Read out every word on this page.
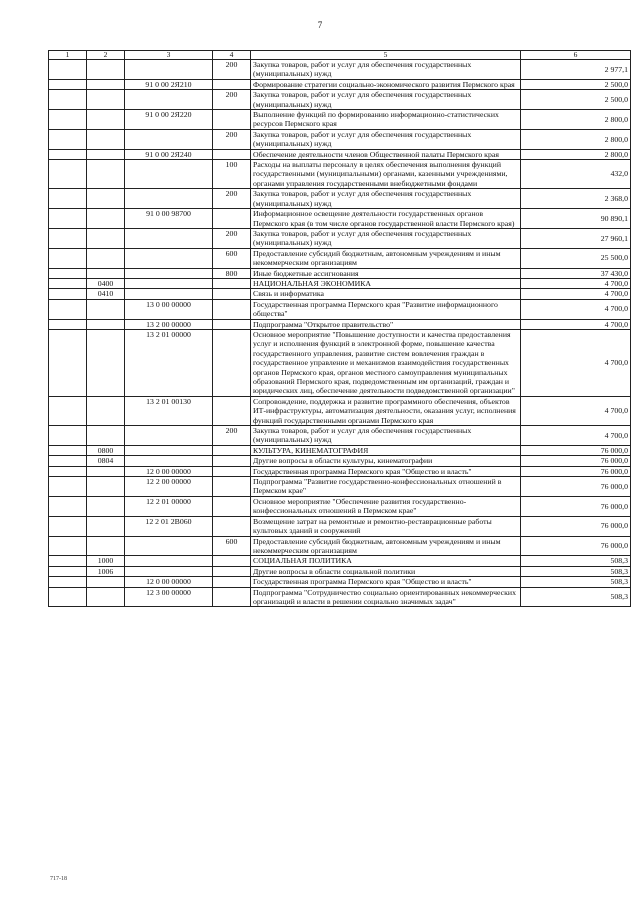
7
1	2	3	4	5	6
			200	Закупка товаров, работ и услуг для обеспечения государственных (муниципальных) нужд	2 977,1
		91 0 00 2Я210		Формирование стратегии социально-экономического развития Пермского края	2 500,0
			200	Закупка товаров, работ и услуг для обеспечения государственных (муниципальных) нужд	2 500,0
		91 0 00 2Я220		Выполнение функций по формированию информационно-статистических ресурсов Пермского края	2 800,0
			200	Закупка товаров, работ и услуг для обеспечения государственных (муниципальных) нужд	2 800,0
		91 0 00 2Я240		Обеспечение деятельности членов Общественной палаты Пермского края	2 800,0
			100	Расходы на выплаты персоналу в целях обеспечения выполнения функций государственными (муниципальными) органами, казенными учреждениями, органами управления государственными внебюджетными фондами	432,0
			200	Закупка товаров, работ и услуг для обеспечения государственных (муниципальных) нужд	2 368,0
		91 0 00 98700		Информационное освещение деятельности государственных органов Пермского края (в том числе органов государственной власти Пермского края)	90 890,1
			200	Закупка товаров, работ и услуг для обеспечения государственных (муниципальных) нужд	27 960,1
			600	Предоставление субсидий бюджетным, автономным учреждениям и иным некоммерческим организациям	25 500,0
			800	Иные бюджетные ассигнования	37 430,0
	0400			НАЦИОНАЛЬНАЯ ЭКОНОМИКА	4 700,0
	0410			Связь и информатика	4 700,0
		13 0 00 00000		Государственная программа Пермского края "Развитие информационного общества"	4 700,0
		13 2 00 00000		Подпрограмма "Открытое правительство"	4 700,0
		13 2 01 00000		Основное мероприятие "Повышение доступности и качества предоставления услуг и исполнения функций в электронной форме, повышение качества государственного управления, развитие систем вовлечения граждан в государственное управление и механизмов взаимодействия государственных органов Пермского края, органов местного самоуправления муниципальных образований Пермского края, подведомственным им организаций, граждан и юридических лиц, обеспечение деятельности подведомственной организации"	4 700,0
		13 2 01 00130		Сопровождение, поддержка и развитие программного обеспечения, объектов ИТ-инфраструктуры, автоматизация деятельности, оказания услуг, исполнения функций государственными органами Пермского края	4 700,0
			200	Закупка товаров, работ и услуг для обеспечения государственных (муниципальных) нужд	4 700,0
	0800			КУЛЬТУРА, КИНЕМАТОГРАФИЯ	76 000,0
	0804			Другие вопросы в области культуры, кинематографии	76 000,0
		12 0 00 00000		Государственная программа Пермского края "Общество и власть"	76 000,0
		12 2 00 00000		Подпрограмма "Развитие государственно-конфессиональных отношений в Пермском крае"	76 000,0
		12 2 01 00000		Основное мероприятие "Обеспечение развития государственно-конфессиональных отношений в Пермском крае"	76 000,0
		12 2 01 2В060		Возмещение затрат на ремонтные и ремонтно-реставрационные работы культовых зданий и сооружений	76 000,0
			600	Предоставление субсидий бюджетным, автономным учреждениям и иным некоммерческим организациям	76 000,0
	1000			СОЦИАЛЬНАЯ ПОЛИТИКА	508,3
	1006			Другие вопросы в области социальной политики	508,3
		12 0 00 00000		Государственная программа Пермского края "Общество и власть"	508,3
		12 3 00 00000		Подпрограмма "Сотрудничество социально ориентированных некоммерческих организаций и власти в решении социально значимых задач"	508,3
717-18
